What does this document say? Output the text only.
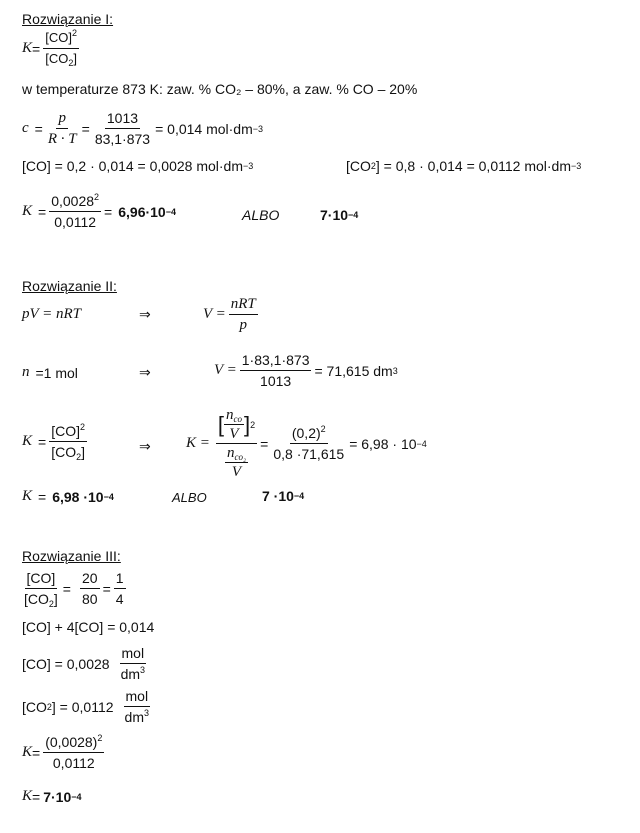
Rozwiązanie I:
$K = \frac{[CO]^2}{[CO_2]}$
w temperaturze 873 K: zaw. % CO₂ – 80%, a zaw. % CO – 20%
$c = \frac{p}{R \cdot T} = \frac{1013}{83,1\cdot 873} = 0,014$ mol·dm −3
[CO] = 0,2 · 0,014 = 0,0028 mol·dm −3	[CO 2 ] = 0,8 · 0,014 = 0,0112 mol·dm −3
$K = \frac{0,0028^2}{0,0112} = 6,96\cdot 10 -4$	ALBO	7·10 −4
Rozwiązanie II:
pV = nRT	⇒	$V = \frac{\text{nRT}}{p}$
n =1 mol	⇒	$V = \frac{1\cdot 83,1\cdot 873}{1013} = 71,615$ dm 3
$K = \frac{[CO]^2}{[CO_2]}$	⇒ $K = \frac{[ \frac{n_{co}}{V} ] 2}{\frac{n_{co_2}}{V}} = \frac{(0,2)^2}{0,8 \cdot 71,615} = 6,98 \cdot 10 -4$
K = 6,98 ·10 −4	ALBO	7 ·10 −4
Rozwiązanie III:
$\frac{[CO]}{[CO_2]} = \frac{20}{80} = \frac{1}{4}$
[CO] + 4[CO] = 0,014
$[CO] = 0,0028 \frac{\text{mol}}{dm^3}$
[CO 2 ] = $0,0112 \frac{\text{mol}}{dm^3}$
$K = \frac{(0,0028)^2}{0,0112}$
K = 7·10 −4
